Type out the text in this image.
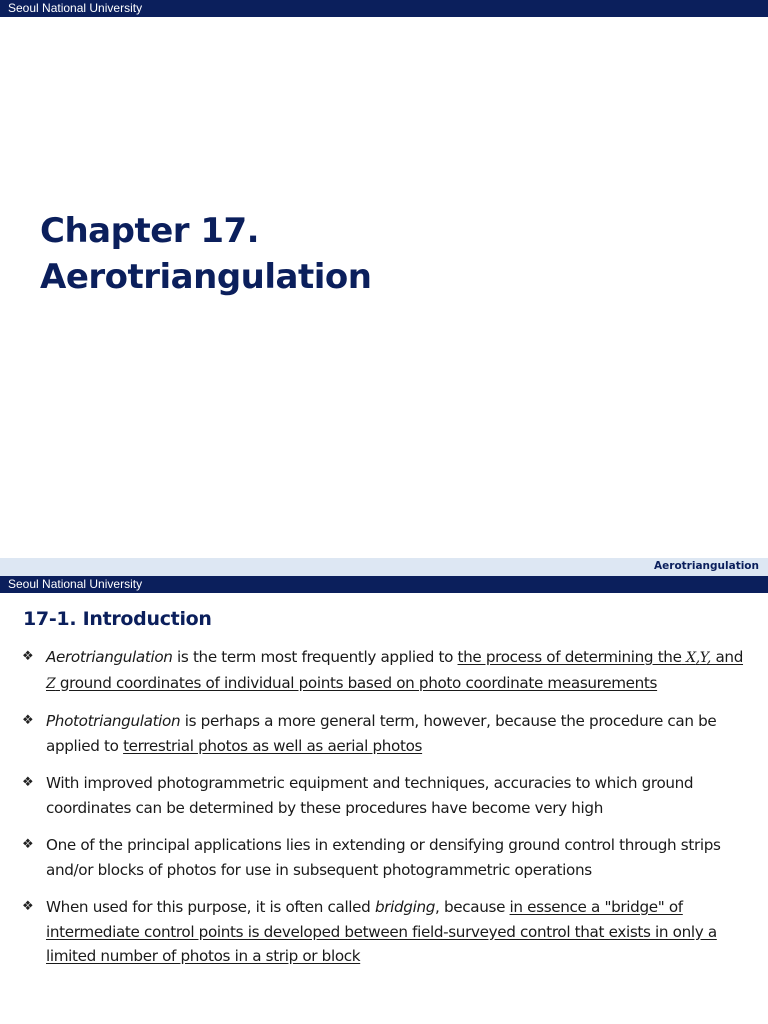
Seoul National University
Chapter 17.
Aerotriangulation
Aerotriangulation
Seoul National University
17-1. Introduction
❖ Aerotriangulation is the term most frequently applied to the process of determining the X,Y, and Z ground coordinates of individual points based on photo coordinate measurements
❖ Phototriangulation is perhaps a more general term, however, because the procedure can be applied to terrestrial photos as well as aerial photos
❖ With improved photogrammetric equipment and techniques, accuracies to which ground coordinates can be determined by these procedures have become very high
❖ One of the principal applications lies in extending or densifying ground control through strips and/or blocks of photos for use in subsequent photogrammetric operations
❖ When used for this purpose, it is often called bridging, because in essence a "bridge" of intermediate control points is developed between field-surveyed control that exists in only a limited number of photos in a strip or block
